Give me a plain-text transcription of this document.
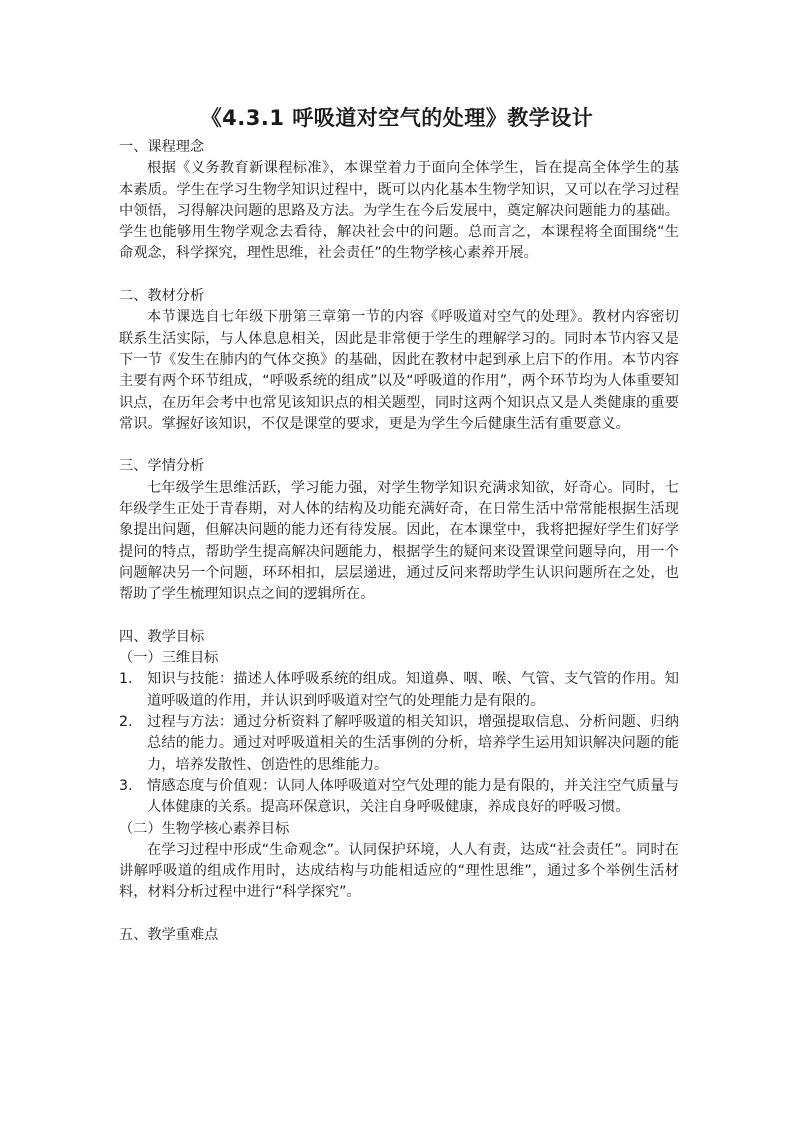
《4.3.1 呼吸道对空气的处理》教学设计

一、课程理念

根据《义务教育新课程标准》，本课堂着力于面向全体学生，旨在提高全体学生的基本素质。学生在学习生物学知识过程中，既可以内化基本生物学知识，又可以在学习过程中领悟，习得解决问题的思路及方法。为学生在今后发展中，奠定解决问题能力的基础。学生也能够用生物学观念去看待，解决社会中的问题。总而言之，本课程将全面围绕“生命观念，科学探究，理性思维，社会责任”的生物学核心素养开展。

二、教材分析

本节课选自七年级下册第三章第一节的内容《呼吸道对空气的处理》。教材内容密切联系生活实际，与人体息息相关，因此是非常便于学生的理解学习的。同时本节内容又是下一节《发生在肺内的气体交换》的基础，因此在教材中起到承上启下的作用。本节内容主要有两个环节组成，“呼吸系统的组成”以及“呼吸道的作用”，两个环节均为人体重要知识点，在历年会考中也常见该知识点的相关题型，同时这两个知识点又是人类健康的重要常识。掌握好该知识，不仅是课堂的要求，更是为学生今后健康生活有重要意义。

三、学情分析

七年级学生思维活跃，学习能力强，对学生物学知识充满求知欲，好奇心。同时，七年级学生正处于青春期，对人体的结构及功能充满好奇，在日常生活中常常能根据生活现象提出问题，但解决问题的能力还有待发展。因此，在本课堂中，我将把握好学生们好学提问的特点，帮助学生提高解决问题能力，根据学生的疑问来设置课堂问题导向，用一个问题解决另一个问题，环环相扣，层层递进，通过反问来帮助学生认识问题所在之处，也帮助了学生梳理知识点之间的逻辑所在。

四、教学目标

（一）三维目标

1. 知识与技能：描述人体呼吸系统的组成。知道鼻、咽、喉、气管、支气管的作用。知道呼吸道的作用，并认识到呼吸道对空气的处理能力是有限的。
2. 过程与方法：通过分析资料了解呼吸道的相关知识，增强提取信息、分析问题、归纳总结的能力。通过对呼吸道相关的生活事例的分析，培养学生运用知识解决问题的能力，培养发散性、创造性的思维能力。
3. 情感态度与价值观：认同人体呼吸道对空气处理的能力是有限的，并关注空气质量与人体健康的关系。提高环保意识，关注自身呼吸健康，养成良好的呼吸习惯。

（二）生物学核心素养目标

在学习过程中形成“生命观念”。认同保护环境，人人有责，达成“社会责任”。同时在讲解呼吸道的组成作用时，达成结构与功能相适应的“理性思维”，通过多个举例生活材料，材料分析过程中进行“科学探究”。

五、教学重难点
